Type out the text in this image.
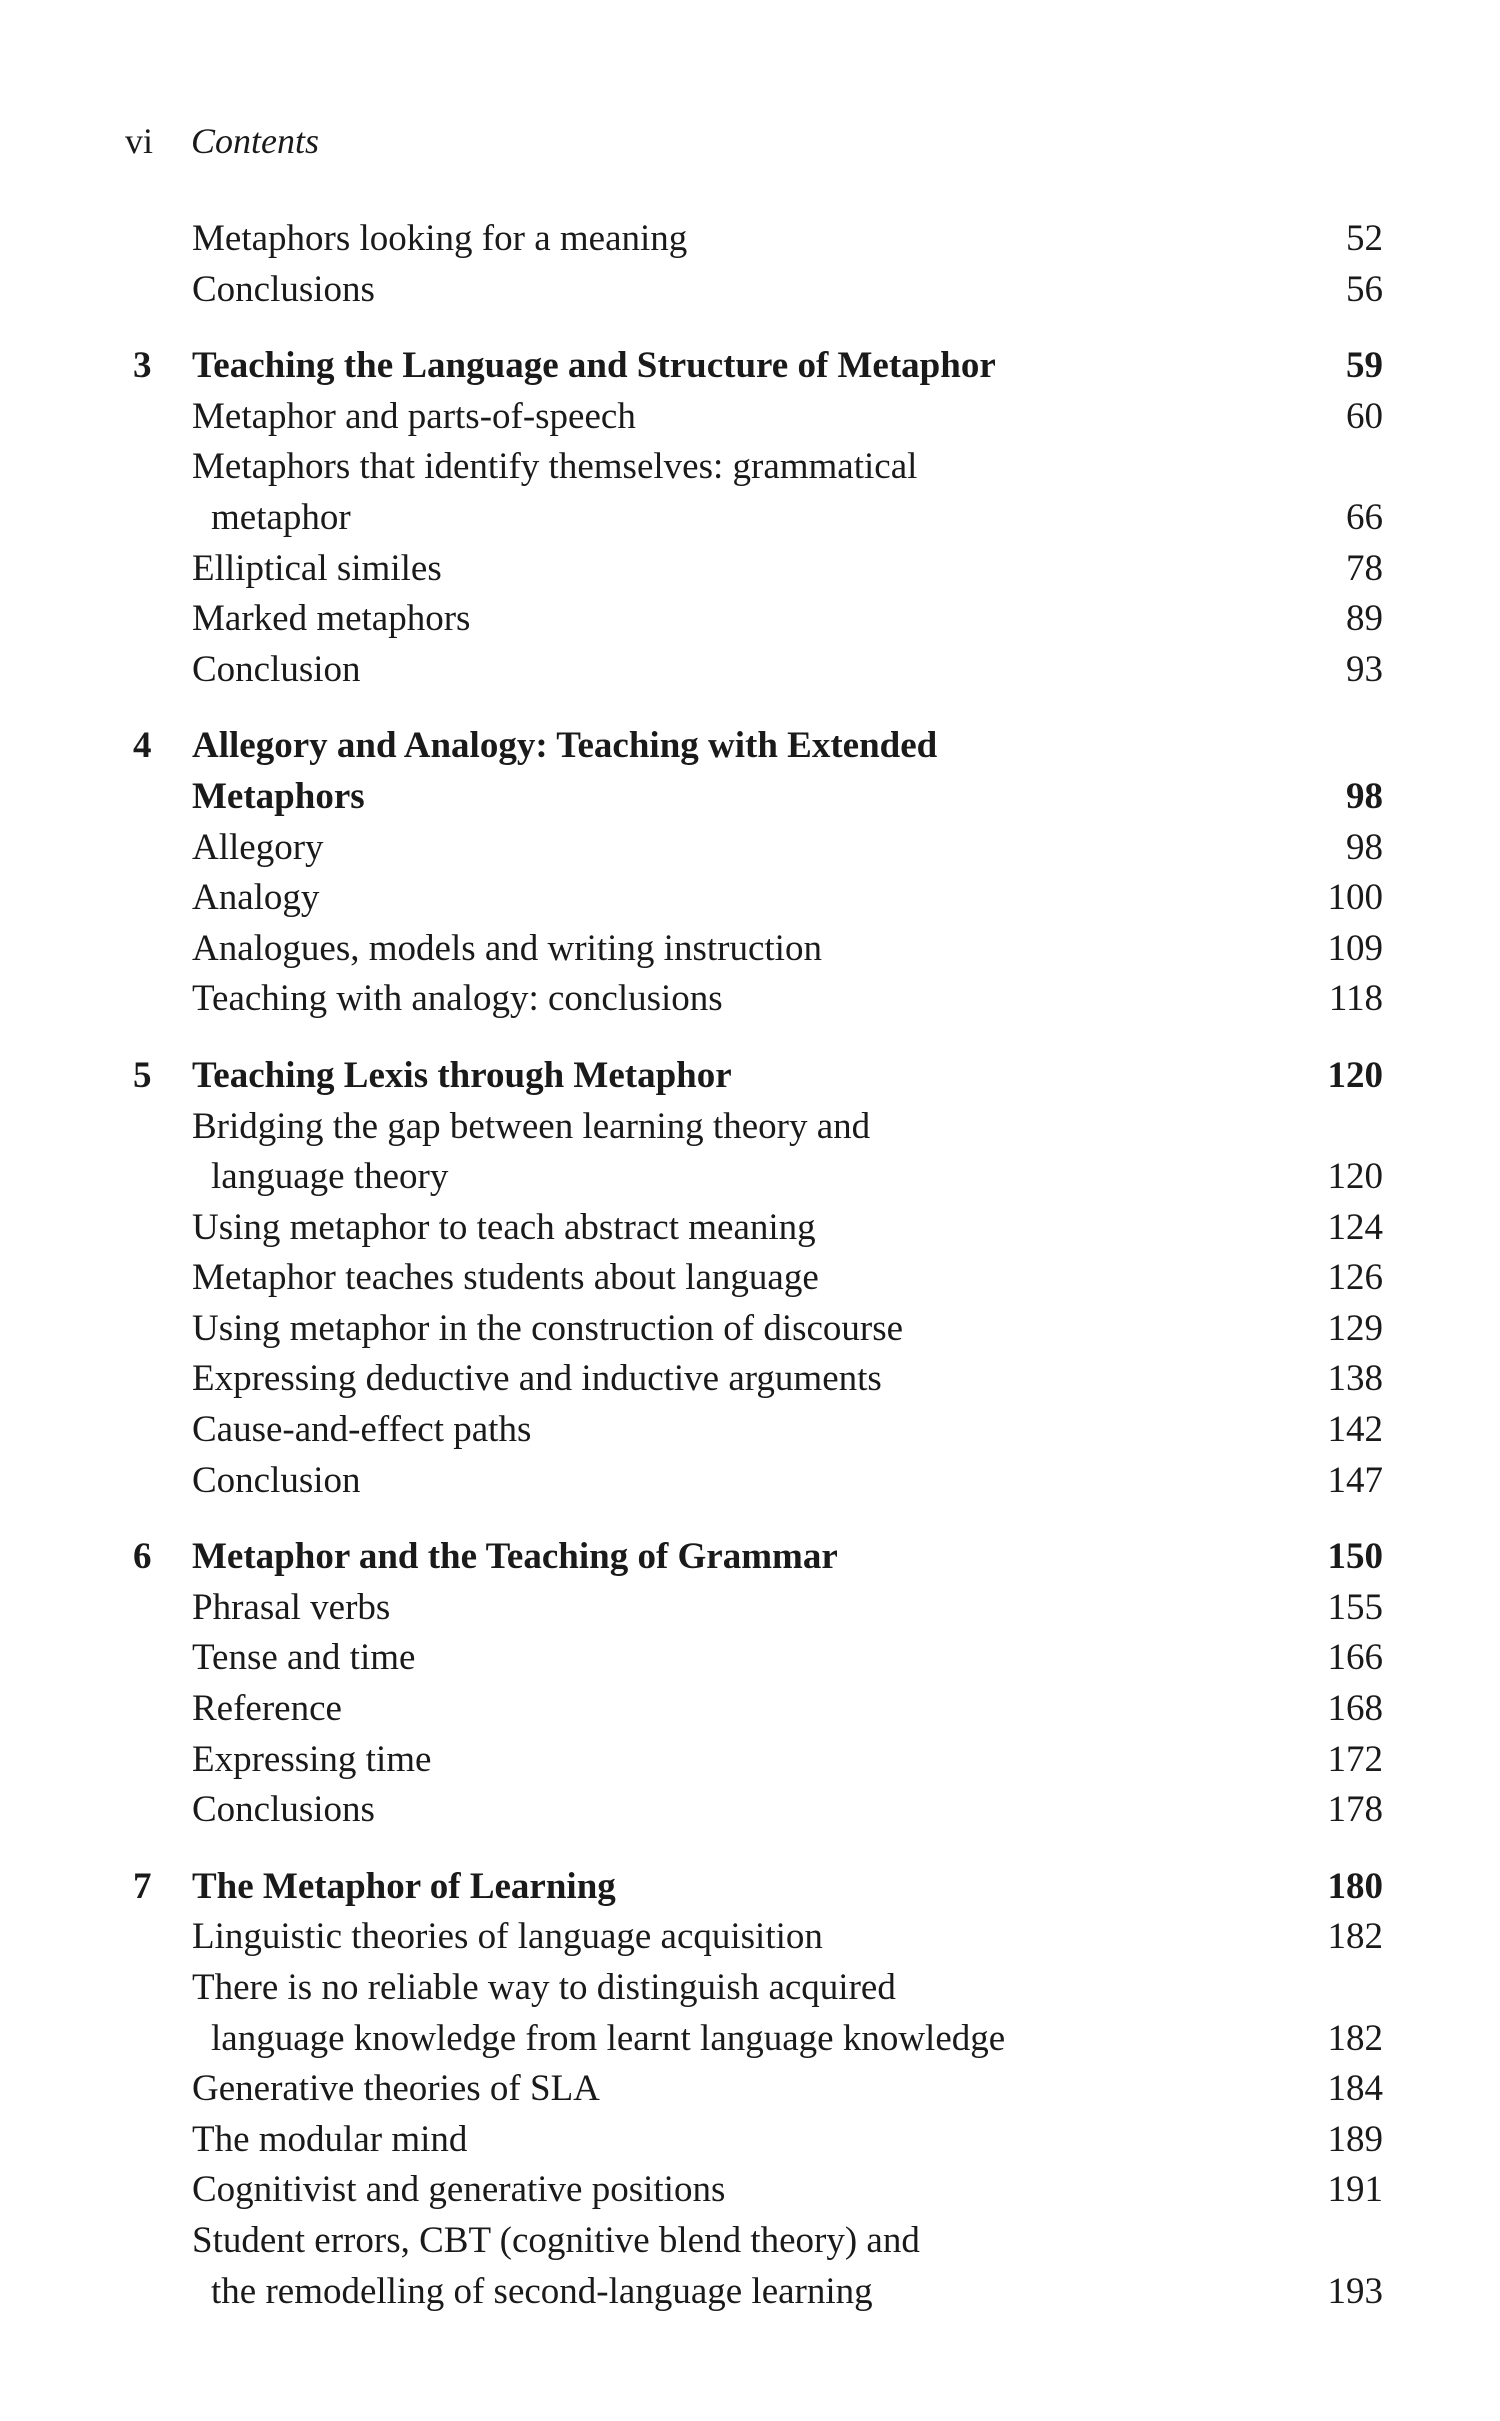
vi Contents
Metaphors looking for a meaning	52
Conclusions	56
3 Teaching the Language and Structure of Metaphor	59
Metaphor and parts-of-speech	60
Metaphors that identify themselves: grammatical
metaphor	66
Elliptical similes	78
Marked metaphors	89
Conclusion	93
4 Allegory and Analogy: Teaching with Extended
Metaphors	98
Allegory	98
Analogy	100
Analogues, models and writing instruction	109
Teaching with analogy: conclusions	118
5 Teaching Lexis through Metaphor	120
Bridging the gap between learning theory and
language theory	120
Using metaphor to teach abstract meaning	124
Metaphor teaches students about language	126
Using metaphor in the construction of discourse	129
Expressing deductive and inductive arguments	138
Cause-and-effect paths	142
Conclusion	147
6 Metaphor and the Teaching of Grammar	150
Phrasal verbs	155
Tense and time	166
Reference	168
Expressing time	172
Conclusions	178
7 The Metaphor of Learning	180
Linguistic theories of language acquisition	182
There is no reliable way to distinguish acquired
language knowledge from learnt language knowledge	182
Generative theories of SLA	184
The modular mind	189
Cognitivist and generative positions	191
Student errors, CBT (cognitive blend theory) and
the remodelling of second-language learning	193
